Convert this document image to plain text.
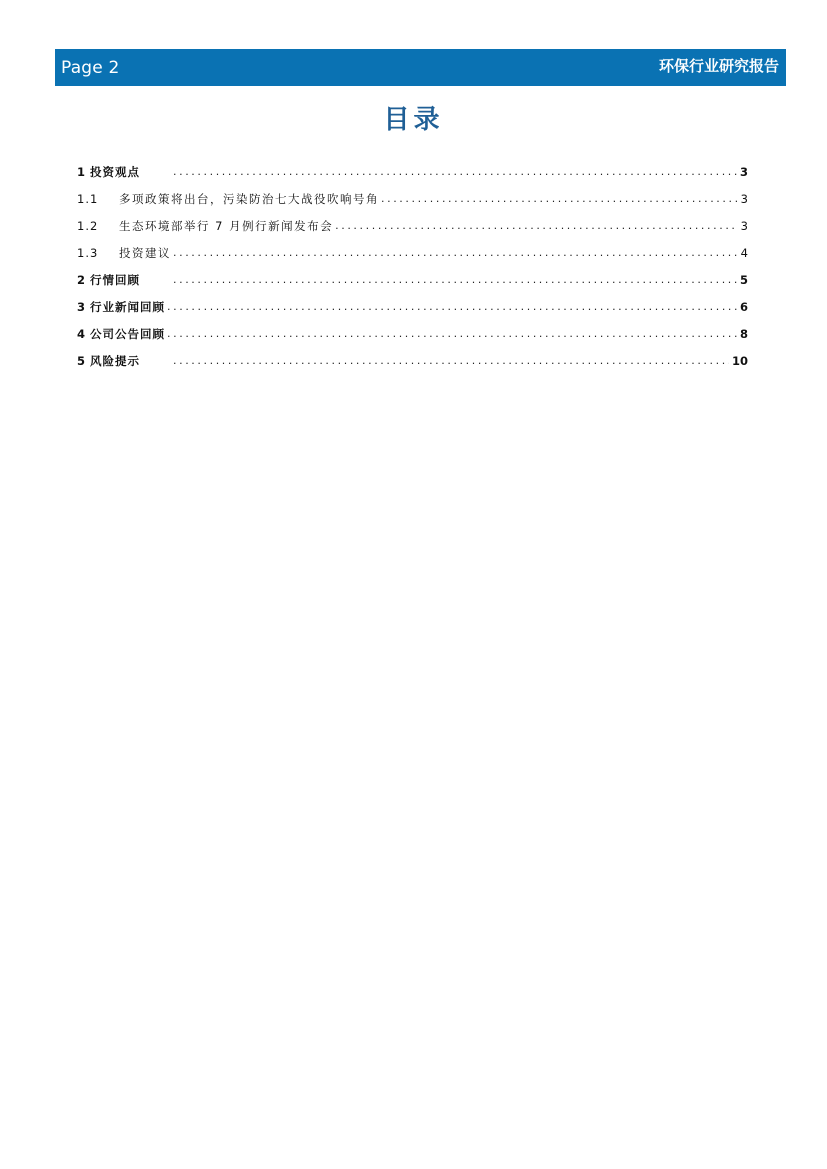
Page 2	环保行业研究报告
目录
1 投资观点 .....	3
1.1	多项政策将出台，污染防治七大战役吹响号角 .....	3
1.2	生态环境部举行 7 月例行新闻发布会 .....	3
1.3	投资建议 .....	4
2 行情回顾 .....	5
3 行业新闻回顾 .....	6
4 公司公告回顾 .....	8
5 风险提示 .....	10
